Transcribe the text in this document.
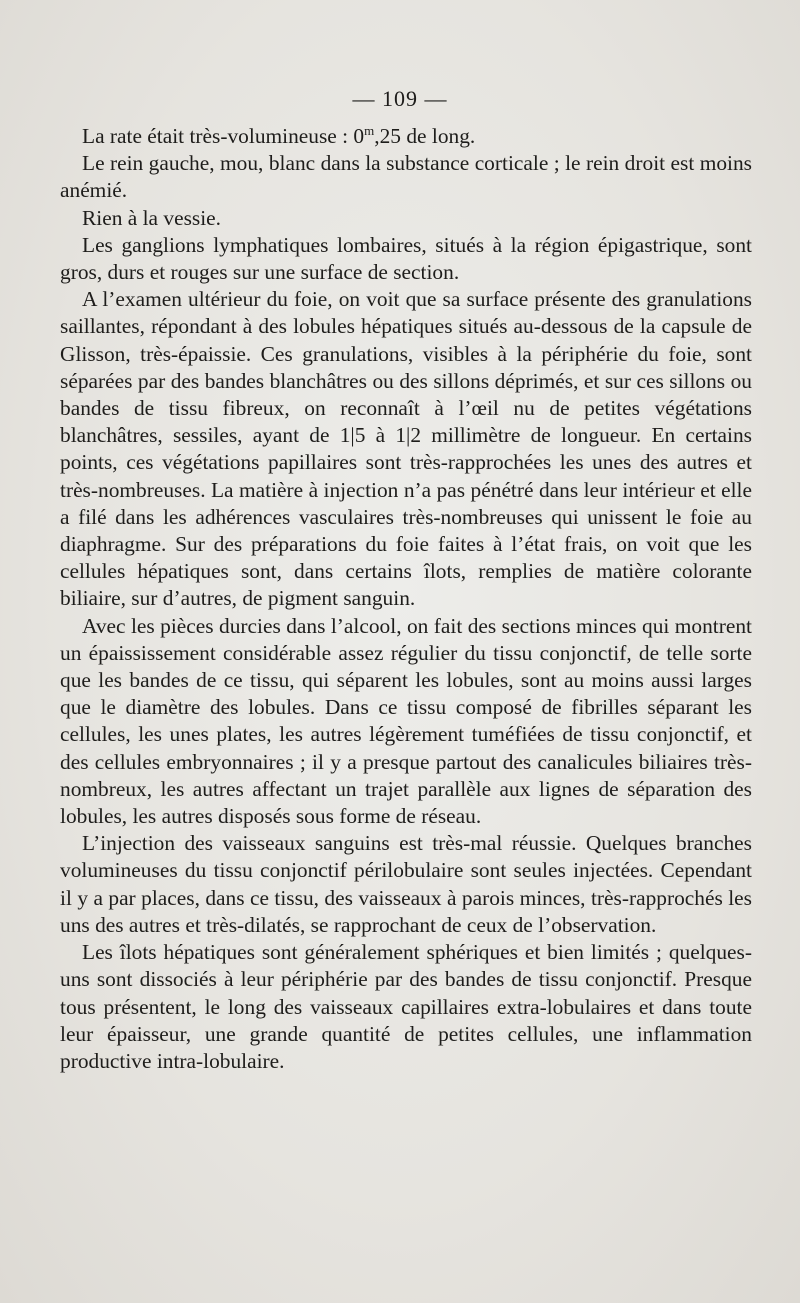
— 109 —

La rate était très-volumineuse : 0$^m$,25 de long.

Le rein gauche, mou, blanc dans la substance corticale ; le rein droit est moins anémié.

Rien à la vessie.

Les ganglions lymphatiques lombaires, situés à la région épigastrique, sont gros, durs et rouges sur une surface de section.

A l’examen ultérieur du foie, on voit que sa surface présente des granulations saillantes, répondant à des lobules hépatiques situés au-dessous de la capsule de Glisson, très-épaissie. Ces granulations, visibles à la périphérie du foie, sont séparées par des bandes blanchâtres ou des sillons déprimés, et sur ces sillons ou bandes de tissu fibreux, on reconnaît à l’œil nu de petites végétations blanchâtres, sessiles, ayant de 1|5 à 1|2 millimètre de longueur. En certains points, ces végétations papillaires sont très-rapprochées les unes des autres et très-nombreuses. La matière à injection n’a pas pénétré dans leur intérieur et elle a filé dans les adhérences vasculaires très-nombreuses qui unissent le foie au diaphragme. Sur des préparations du foie faites à l’état frais, on voit que les cellules hépatiques sont, dans certains îlots, remplies de matière colorante biliaire, sur d’autres, de pigment sanguin.

Avec les pièces durcies dans l’alcool, on fait des sections minces qui montrent un épaississement considérable assez régulier du tissu conjonctif, de telle sorte que les bandes de ce tissu, qui séparent les lobules, sont au moins aussi larges que le diamètre des lobules. Dans ce tissu composé de fibrilles séparant les cellules, les unes plates, les autres légèrement tuméfiées de tissu conjonctif, et des cellules embryonnaires ; il y a presque partout des canalicules biliaires très-nombreux, les autres affectant un trajet parallèle aux lignes de séparation des lobules, les autres disposés sous forme de réseau.

L’injection des vaisseaux sanguins est très-mal réussie. Quelques branches volumineuses du tissu conjonctif périlobulaire sont seules injectées. Cependant il y a par places, dans ce tissu, des vaisseaux à parois minces, très-rapprochés les uns des autres et très-dilatés, se rapprochant de ceux de l’observation.

Les îlots hépatiques sont généralement sphériques et bien limités ; quelques-uns sont dissociés à leur périphérie par des bandes de tissu conjonctif. Presque tous présentent, le long des vaisseaux capillaires extra-lobulaires et dans toute leur épaisseur, une grande quantité de petites cellules, une inflammation productive intra-lobulaire.
